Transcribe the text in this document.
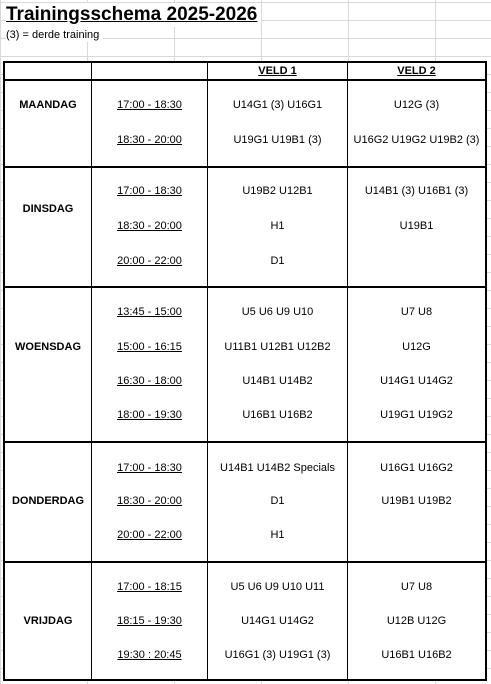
Trainingsschema 2025-2026
(3) = derde training
VELD 1	VELD 2
MAANDAG	17:00 - 18:30	U14G1 (3) U16G1	U12G (3)
18:30 - 20:00	U19G1 U19B1 (3)	U16G2 U19G2 U19B2 (3)
DINSDAG
17:00 - 18:30	U19B2 U12B1	U14B1 (3) U16B1 (3)
18:30 - 20:00	H1	U19B1
20:00 - 22:00	D1
WOENSDAG
13:45 - 15:00	U5 U6 U9 U10	U7 U8
15:00 - 16:15	U11B1 U12B1 U12B2	U12G
16:30 - 18:00	U14B1 U14B2	U14G1 U14G2
18:00 - 19:30	U16B1 U16B2	U19G1 U19G2
DONDERDAG
17:00 - 18:30	U14B1 U14B2 Specials	U16G1 U16G2
18:30 - 20:00	D1	U19B1 U19B2
20:00 - 22:00	H1
VRIJDAG
17:00 - 18:15	U5 U6 U9 U10 U11	U7 U8
18:15 - 19:30	U14G1 U14G2	U12B U12G
19:30 : 20:45	U16G1 (3) U19G1 (3)	U16B1 U16B2
